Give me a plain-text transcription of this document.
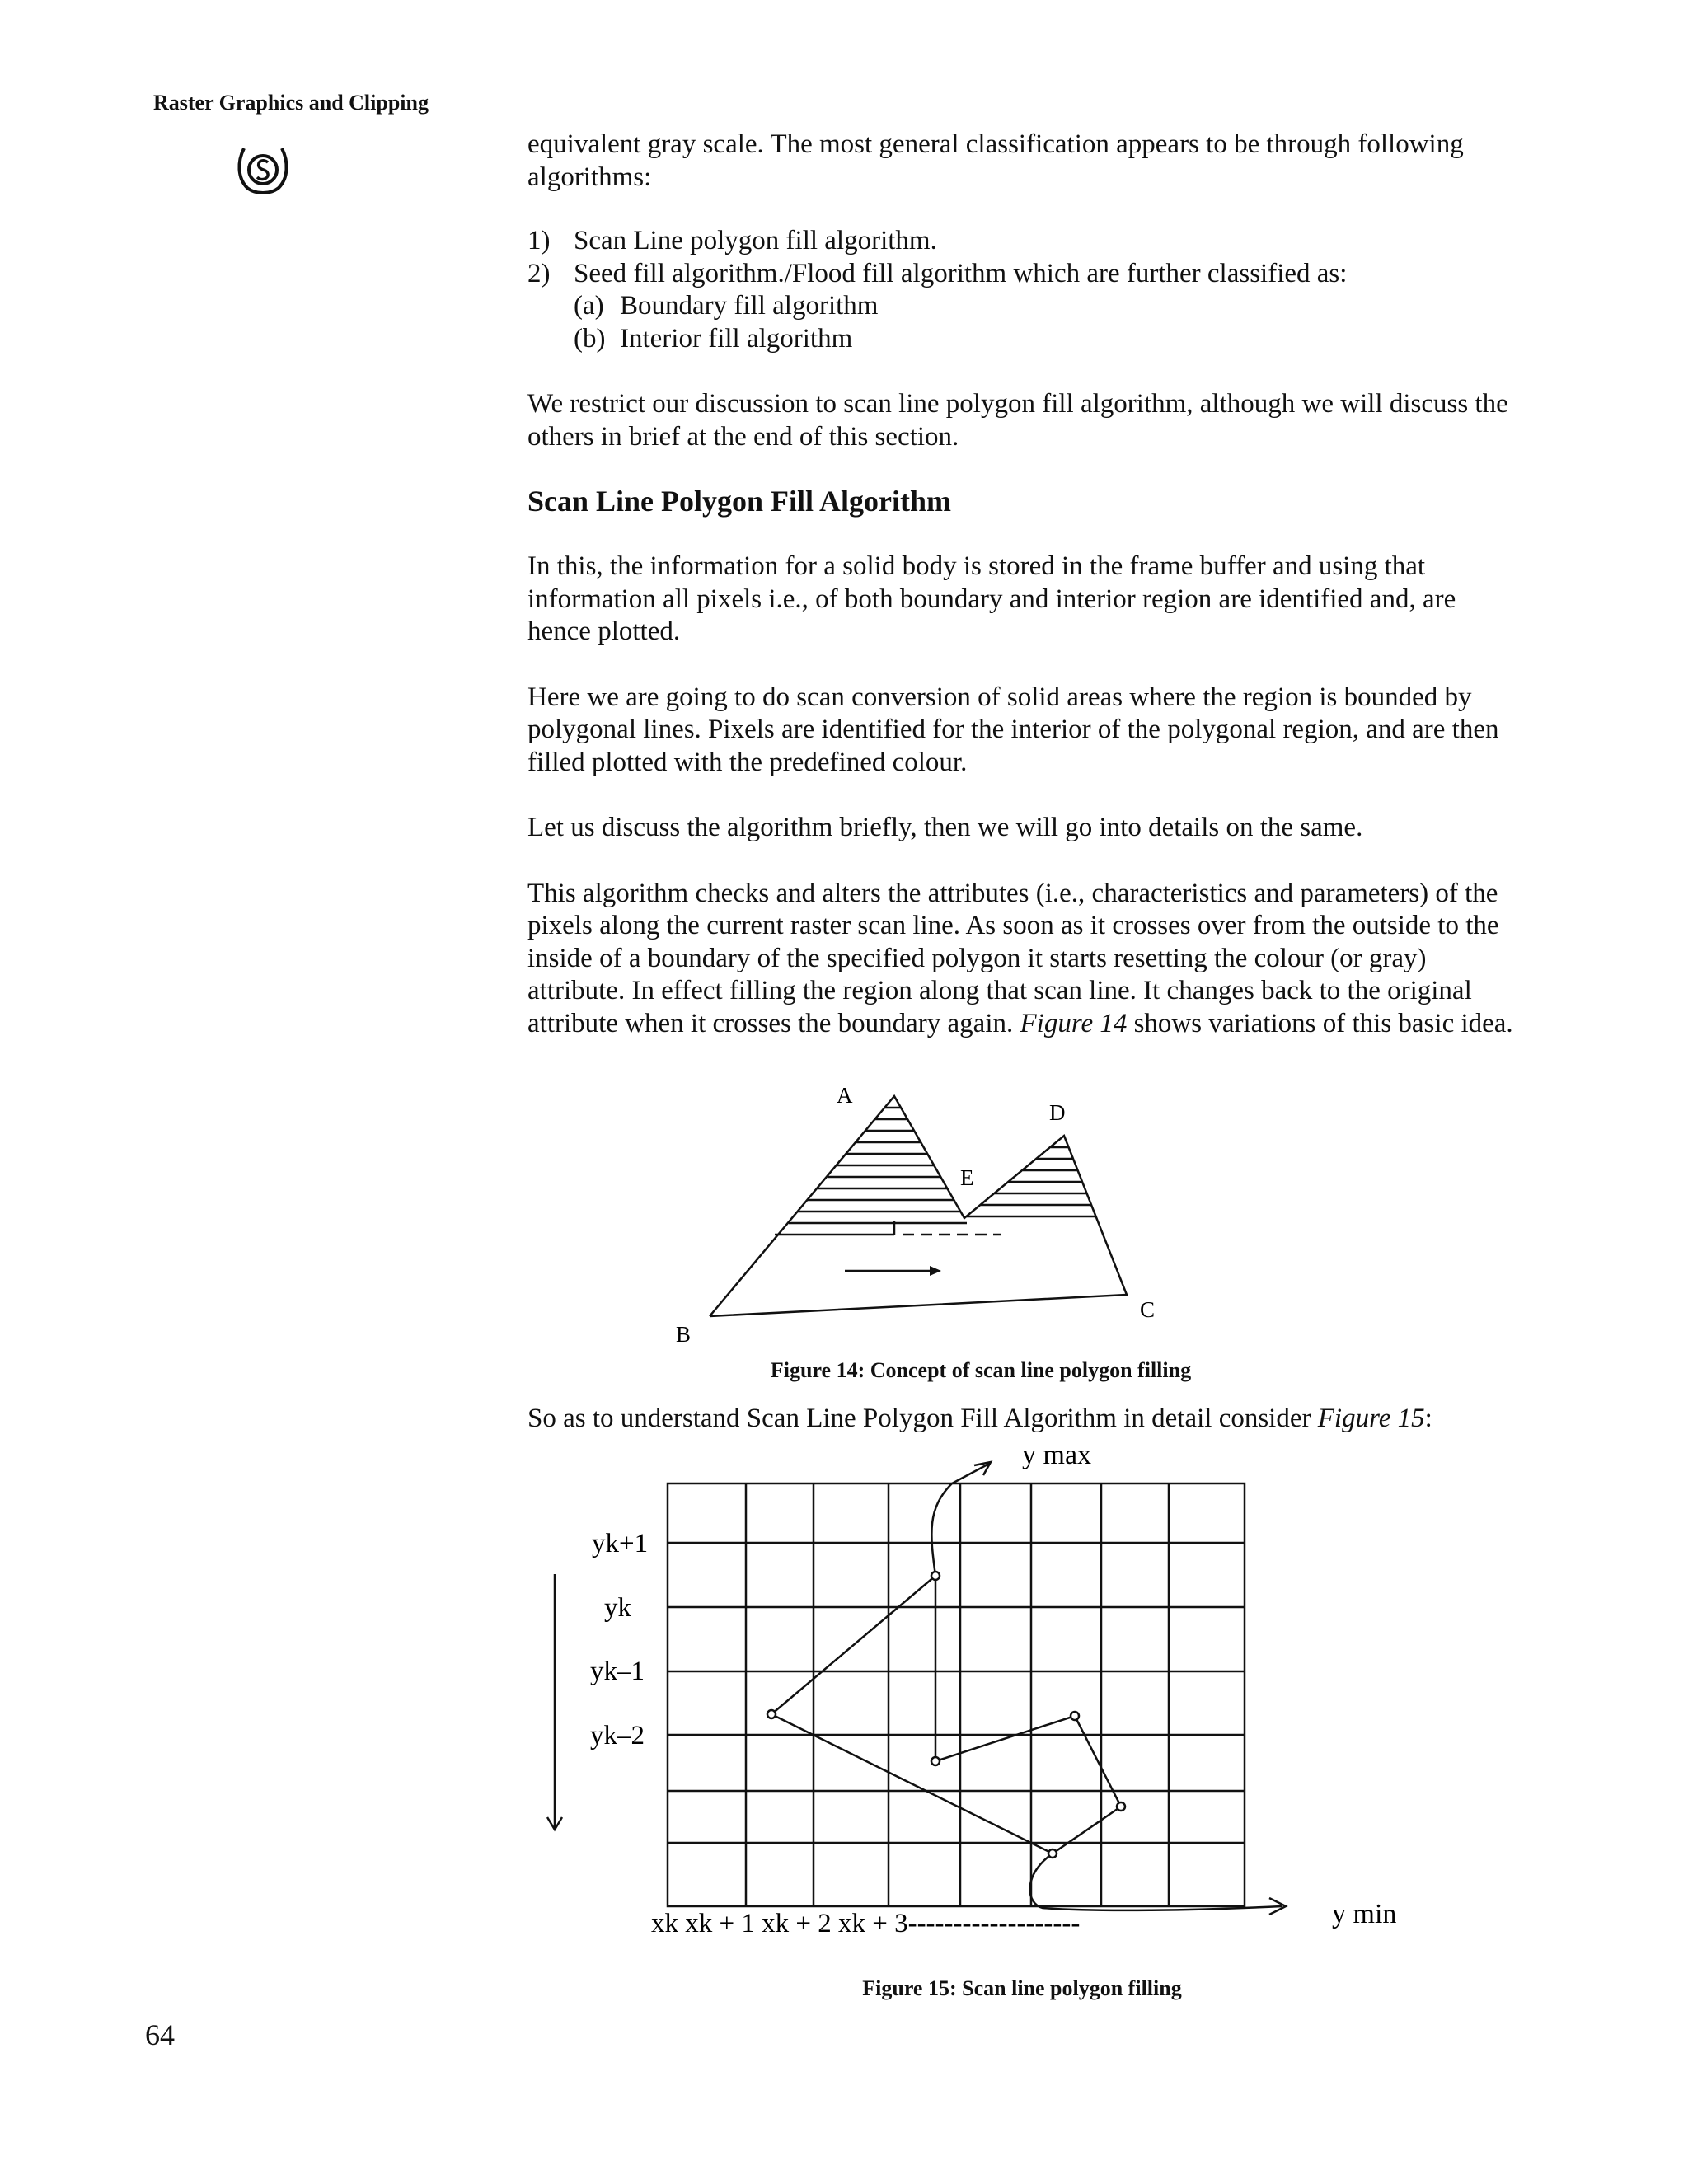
Raster Graphics and Clipping

equivalent gray scale. The most general classification appears to be through following algorithms:

1) Scan Line polygon fill algorithm.
2) Seed fill algorithm./Flood fill algorithm which are further classified as:
(a) Boundary fill algorithm
(b) Interior fill algorithm

We restrict our discussion to scan line polygon fill algorithm, although we will discuss the others in brief at the end of this section.

Scan Line Polygon Fill Algorithm

In this, the information for a solid body is stored in the frame buffer and using that information all pixels i.e., of both boundary and interior region are identified and, are hence plotted.

Here we are going to do scan conversion of solid areas where the region is bounded by polygonal lines. Pixels are identified for the interior of the polygonal region, and are then filled plotted with the predefined colour.

Let us discuss the algorithm briefly, then we will go into details on the same.

This algorithm checks and alters the attributes (i.e., characteristics and parameters) of the pixels along the current raster scan line. As soon as it crosses over from the outside to the inside of a boundary of the specified polygon it starts resetting the colour (or gray) attribute. In effect filling the region along that scan line. It changes back to the original attribute when it crosses the boundary again. Figure 14 shows variations of this basic idea.

A
D
E
C
B
Figure 14: Concept of scan line polygon filling

So as to understand Scan Line Polygon Fill Algorithm in detail consider Figure 15:

y max
y min
yk+1
yk
yk–1
yk–2
xk xk + 1 xk + 2 xk + 3-------------------
Figure 15: Scan line polygon filling
64
